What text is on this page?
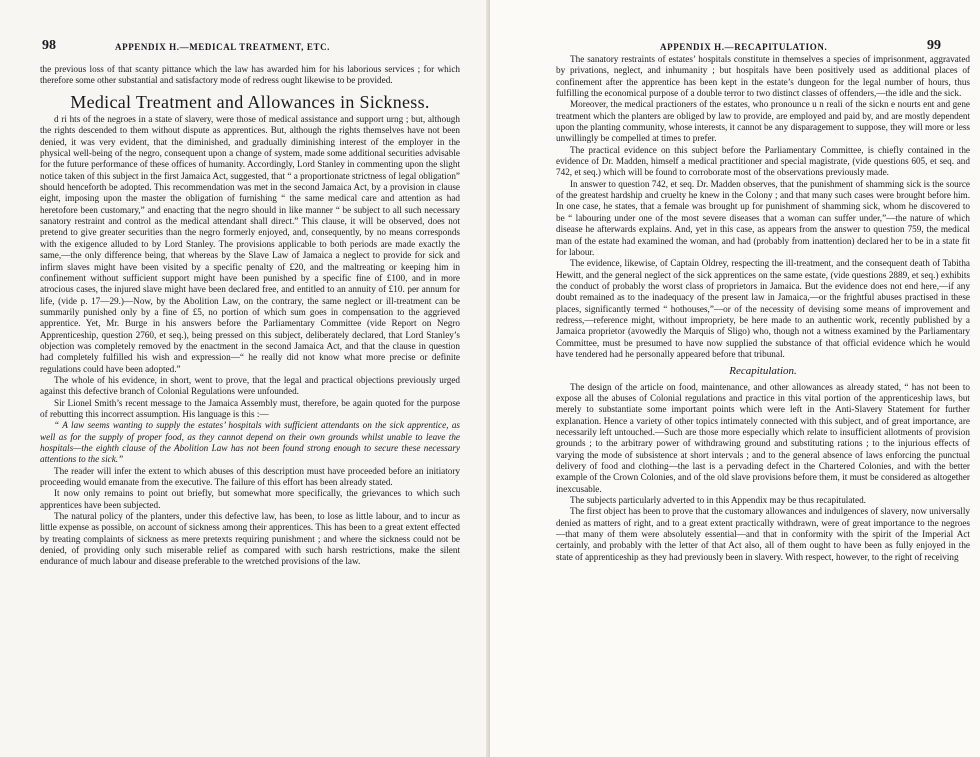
98	APPENDIX H.—MEDICAL TREATMENT, ETC.

the previous loss of that scanty pittance which the law has awarded him for his laborious services ; for which therefore some other substantial and satisfactory mode of redress ought likewise to be provided.

Medical Treatment and Allowances in Sickness.

d ri hts of the negroes in a state of slavery, were those of medical assistance and support urng ; but, although the rights descended to them without dispute as apprentices. But, although the rights themselves have not been denied, it was very evident, that the diminished, and gradually diminishing interest of the employer in the physical well-being of the negro, consequent upon a change of system, made some additional securities advisable for the future performance of these offices of humanity. Accordingly, Lord Stanley in commenting upon the slight notice taken of this subject in the first Jamaica Act, suggested, that “ a proportionate strictness of legal obligation” should henceforth be adopted. This recommendation was met in the second Jamaica Act, by a provision in clause eight, imposing upon the master the obligation of furnishing “ the same medical care and attention as had heretofore been customary,” and enacting that the negro should in like manner “ be subject to all such necessary sanatory restraint and control as the medical attendant shall direct.” This clause, it will be observed, does not pretend to give greater securities than the negro formerly enjoyed, and, consequently, by no means corresponds with the exigence alluded to by Lord Stanley. The provisions applicable to both periods are made exactly the same,—the only difference being, that whereas by the Slave Law of Jamaica a neglect to provide for sick and infirm slaves might have been visited by a specific penalty of £20, and the maltreating or keeping him in confinement without sufficient support might have been punished by a specific fine of £100, and in more atrocious cases, the injured slave might have been declared free, and entitled to an annuity of £10. per annum for life, (vide p. 17—29.)—Now, by the Abolition Law, on the contrary, the same neglect or ill-treatment can be summarily punished only by a fine of £5, no portion of which sum goes in compensation to the aggrieved apprentice. Yet, Mr. Burge in his answers before the Parliamentary Committee (vide Report on Negro Apprenticeship, question 2760, et seq.), being pressed on this subject, deliberately declared, that Lord Stanley’s objection was completely removed by the enactment in the second Jamaica Act, and that the clause in question had completely fulfilled his wish and expression—“ he really did not know what more precise or definite regulations could have been adopted.”

The whole of his evidence, in short, went to prove, that the legal and practical objections previously urged against this defective branch of Colonial Regulations were unfounded.

Sir Lionel Smith’s recent message to the Jamaica Assembly must, therefore, be again quoted for the purpose of rebutting this incorrect assumption. His language is this :—

“ A law seems wanting to supply the estates’ hospitals with sufficient attendants on the sick apprentice, as well as for the supply of proper food, as they cannot depend on their own grounds whilst unable to leave the hospitals—the eighth clause of the Abolition Law has not been found strong enough to secure these necessary attentions to the sick.”

The reader will infer the extent to which abuses of this description must have proceeded before an initiatory proceeding would emanate from the executive. The failure of this effort has been already stated.

It now only remains to point out briefly, but somewhat more specifically, the grievances to which such apprentices have been subjected.

The natural policy of the planters, under this defective law, has been, to lose as little labour, and to incur as little expense as possible, on account of sickness among their apprentices. This has been to a great extent effected by treating complaints of sickness as mere pretexts requiring punishment ; and where the sickness could not be denied, of providing only such miserable relief as compared with such harsh restrictions, make the silent endurance of much labour and disease preferable to the wretched provisions of the law.

APPENDIX H.—RECAPITULATION.	99

The sanatory restraints of estates’ hospitals constitute in themselves a species of imprisonment, aggravated by privations, neglect, and inhumanity ; but hospitals have been positively used as additional places of confinement after the apprentice has been kept in the estate’s dungeon for the legal number of hours, thus fulfilling the economical purpose of a double terror to two distinct classes of offenders,—the idle and the sick.

Moreover, the medical practioners of the estates, who pronounce u n reali of the sickn e nourts ent and gene treatment which the planters are obliged by law to provide, are employed and paid by, and are mostly dependent upon the planting community, whose interests, it cannot be any disparagement to suppose, they will more or less unwillingly be compelled at times to prefer.

The practical evidence on this subject before the Parliamentary Committee, is chiefly contained in the evidence of Dr. Madden, himself a medical practitioner and special magistrate, (vide questions 605, et seq. and 742, et seq.) which will be found to corroborate most of the observations previously made.

In answer to question 742, et seq. Dr. Madden observes, that the punishment of shamming sick is the source of the greatest hardship and cruelty he knew in the Colony ; and that many such cases were brought before him. In one case, he states, that a female was brought up for punishment of shamming sick, whom he discovered to be “ labouring under one of the most severe diseases that a woman can suffer under,”—the nature of which disease he afterwards explains. And, yet in this case, as appears from the answer to question 759, the medical man of the estate had examined the woman, and had (probably from inattention) declared her to be in a state fit for labour.

The evidence, likewise, of Captain Oldrey, respecting the ill-treatment, and the consequent death of Tabitha Hewitt, and the general neglect of the sick apprentices on the same estate, (vide questions 2889, et seq.) exhibits the conduct of probably the worst class of proprietors in Jamaica. But the evidence does not end here,—if any doubt remained as to the inadequacy of the present law in Jamaica,—or the frightful abuses practised in these places, significantly termed “ hothouses,”—or of the necessity of devising some means of improvement and redress,—reference might, without impropriety, be here made to an authentic work, recently published by a Jamaica proprietor (avowedly the Marquis of Sligo) who, though not a witness examined by the Parliamentary Committee, must be presumed to have now supplied the substance of that official evidence which he would have tendered had he personally appeared before that tribunal.

Recapitulation.

The design of the article on food, maintenance, and other allowances as already stated, “ has not been to expose all the abuses of Colonial regulations and practice in this vital portion of the apprenticeship laws, but merely to substantiate some important points which were left in the Anti-Slavery Statement for further explanation. Hence a variety of other topics intimately connected with this subject, and of great importance, are necessarily left untouched.—Such are those more especially which relate to insufficient allotments of provision grounds ; to the arbitrary power of withdrawing ground and substituting rations ; to the injurious effects of varying the mode of subsistence at short intervals ; and to the general absence of laws enforcing the punctual delivery of food and clothing—the last is a pervading defect in the Chartered Colonies, and with the better example of the Crown Colonies, and of the old slave provisions before them, it must be considered as altogether inexcusable.

The subjects particularly adverted to in this Appendix may be thus recapitulated.

The first object has been to prove that the customary allowances and indulgences of slavery, now universally denied as matters of right, and to a great extent practically withdrawn, were of great importance to the negroes—that many of them were absolutely essential—and that in conformity with the spirit of the Imperial Act certainly, and probably with the letter of that Act also, all of them ought to have been as fully enjoyed in the state of apprenticeship as they had previously been in slavery. With respect, however, to the right of receiving
